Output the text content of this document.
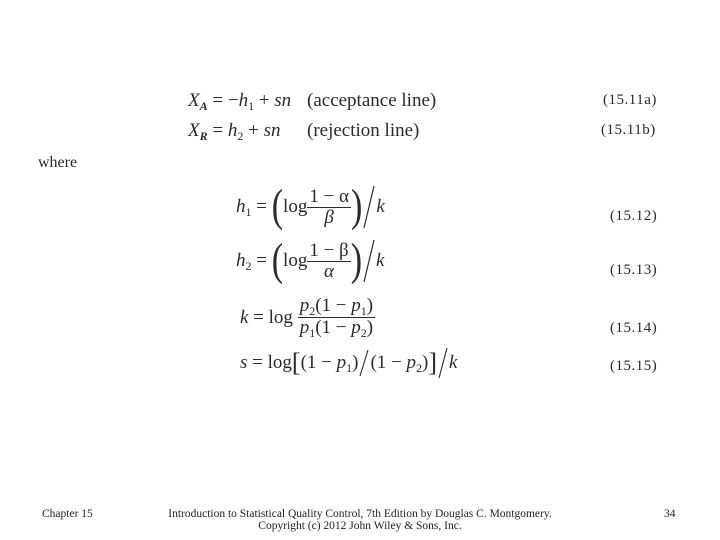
$X_A = -h_1$ + sn (acceptance line)	(15.11a)
$X_R = h_2$ + sn (rejection line)	(15.11b)
where
$h_1$ = ( $\log \frac{1 - \alpha}{\beta}$ ) k	(15.12)
$h_2$ = ( $\log \frac{1 - \beta}{\alpha}$ ) k	(15.13)
$k = \log \frac{p_2(1 - p_1)}{p_1(1 - p_2)}$	(15.14)
s = log [ $(1 - p_1)$ $(1 - p_2)$ ] k	(15.15)
Chapter 15	Introduction to Statistical Quality Control, 7th Edition by Douglas C. Montgomery.
Copyright (c) 2012 John Wiley & Sons, Inc.
34
